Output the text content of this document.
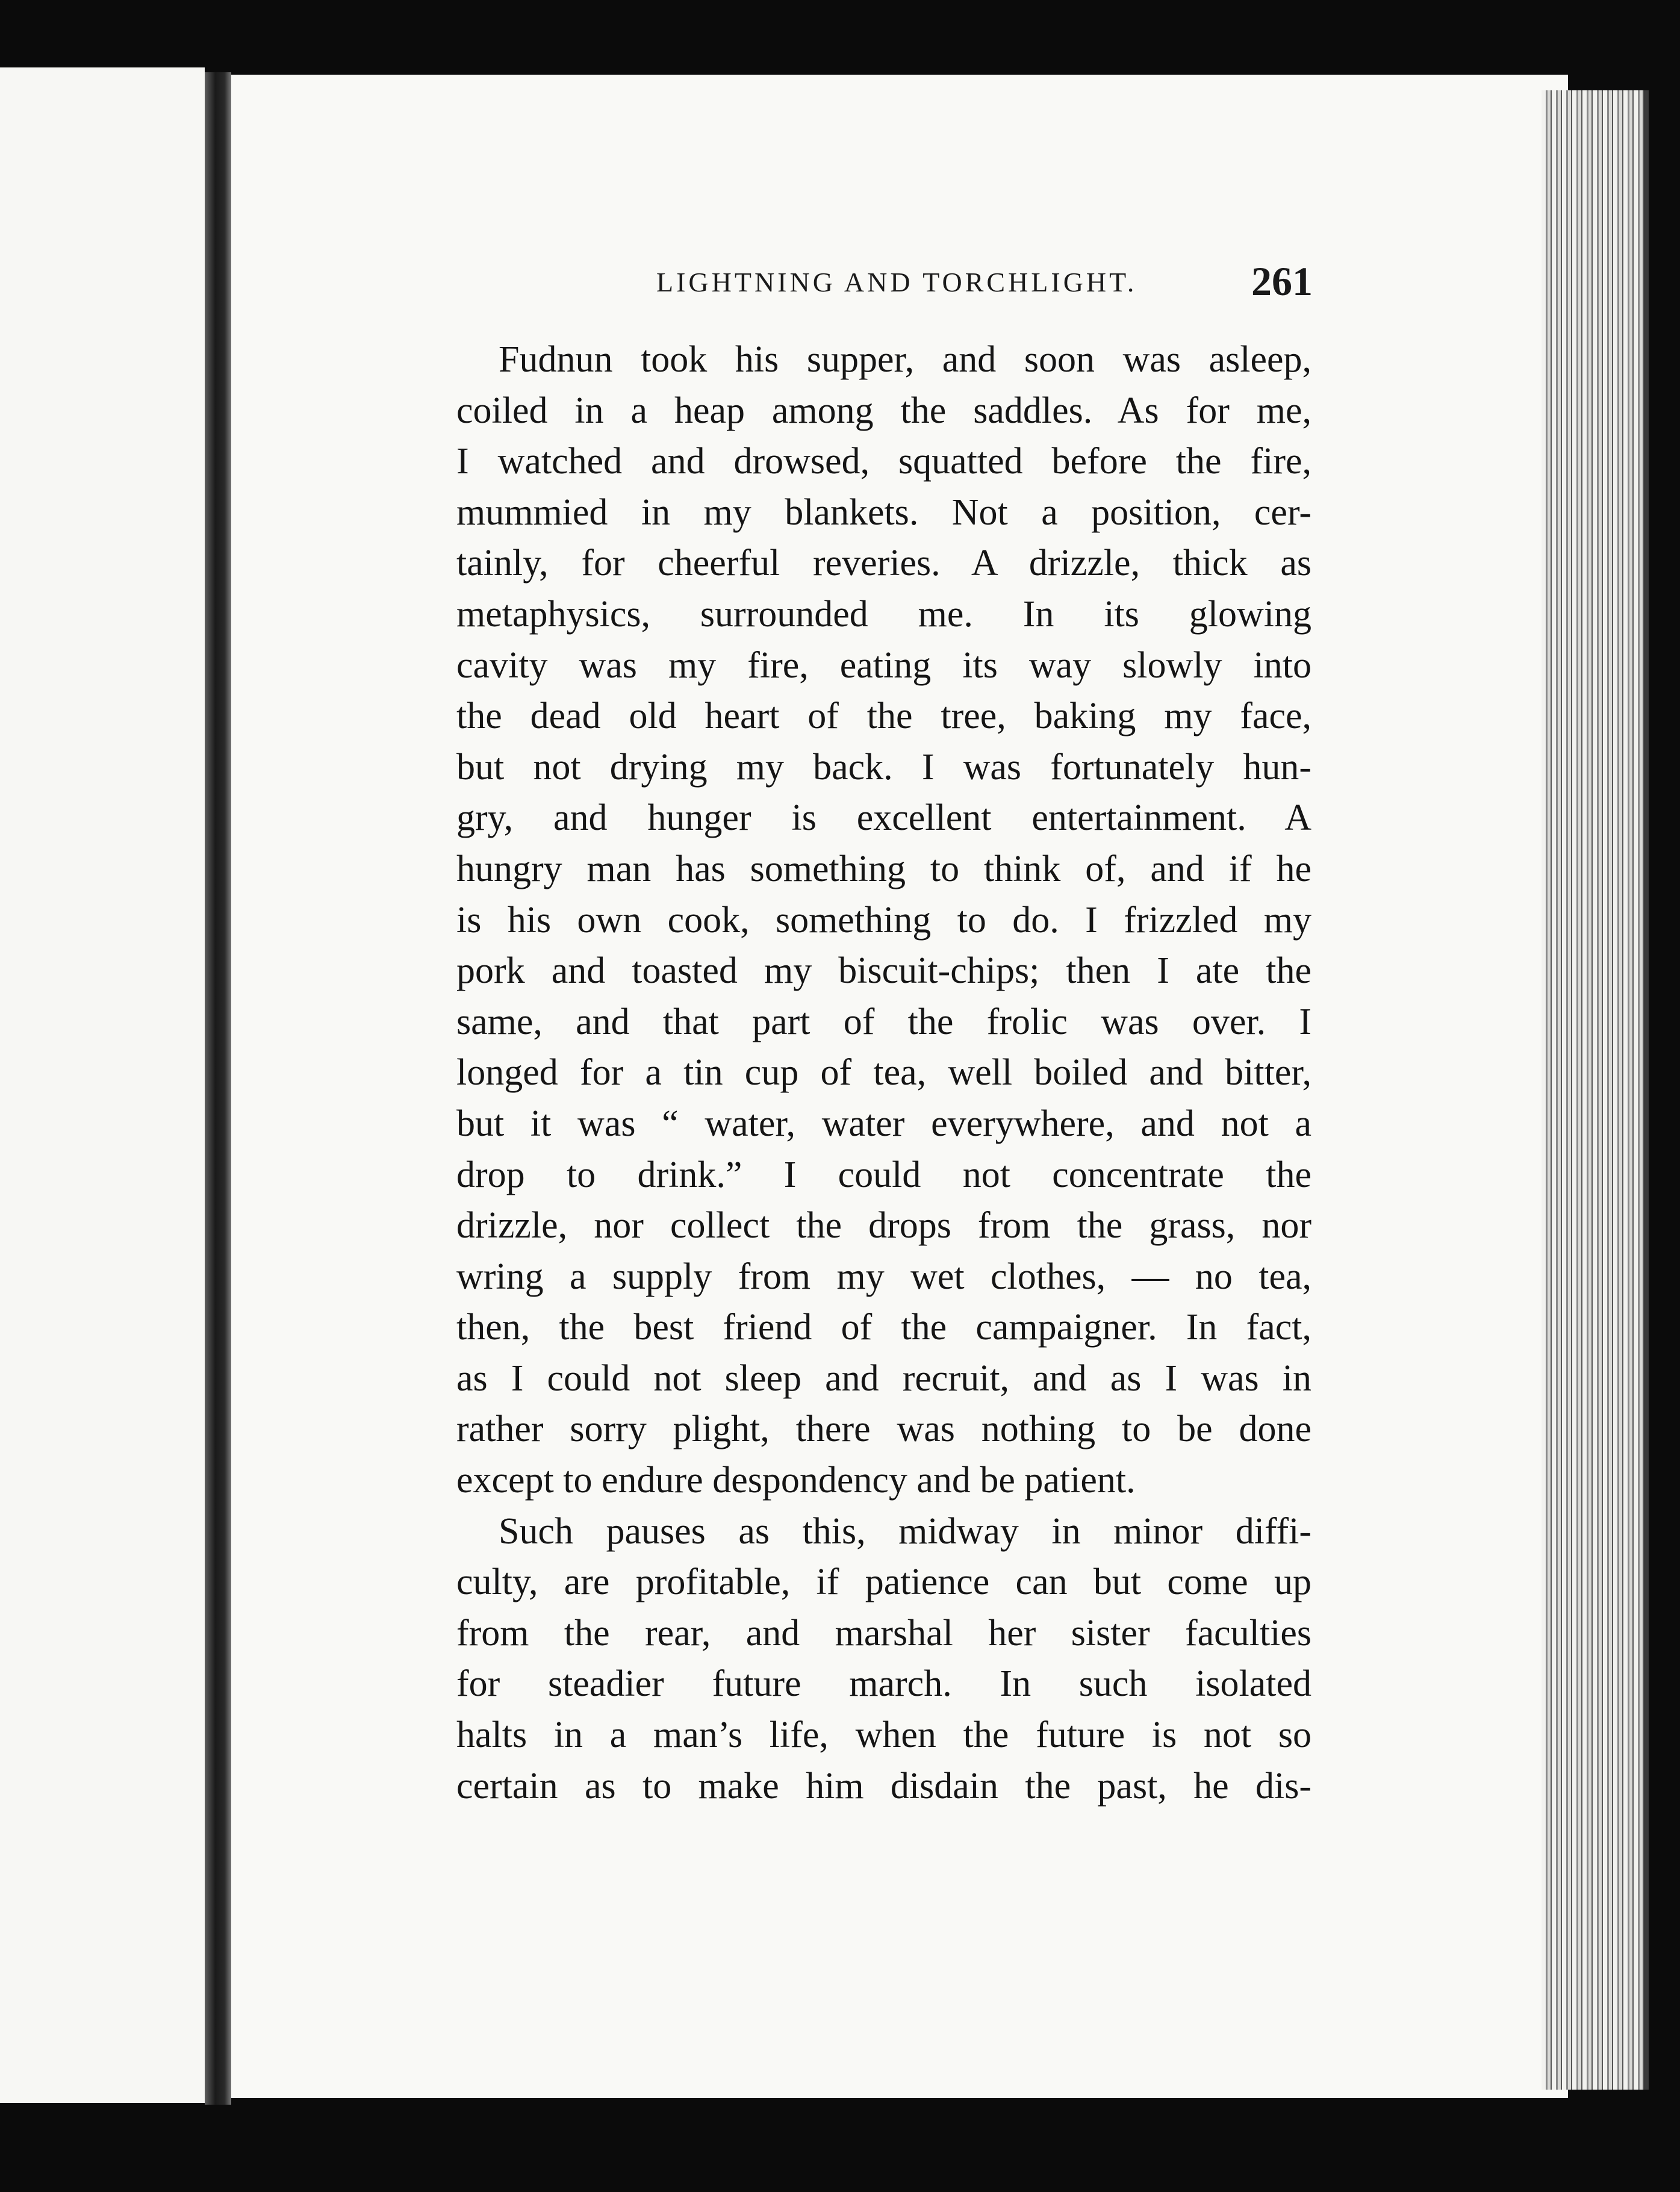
LIGHTNING AND TORCHLIGHT.	261
Fudnun took his supper, and soon was asleep,
coiled in a heap among the saddles. As for me,
I watched and drowsed, squatted before the fire,
mummied in my blankets. Not a position, cer-
tainly, for cheerful reveries. A drizzle, thick as
metaphysics, surrounded me. In its glowing
cavity was my fire, eating its way slowly into
the dead old heart of the tree, baking my face,
but not drying my back. I was fortunately hun-
gry, and hunger is excellent entertainment. A
hungry man has something to think of, and if he
is his own cook, something to do. I frizzled my
pork and toasted my biscuit-chips; then I ate the
same, and that part of the frolic was over. I
longed for a tin cup of tea, well boiled and bitter,
but it was “ water, water everywhere, and not a
drop to drink.” I could not concentrate the
drizzle, nor collect the drops from the grass, nor
wring a supply from my wet clothes, — no tea,
then, the best friend of the campaigner. In fact,
as I could not sleep and recruit, and as I was in
rather sorry plight, there was nothing to be done
except to endure despondency and be patient.
Such pauses as this, midway in minor diffi-
culty, are profitable, if patience can but come up
from the rear, and marshal her sister faculties
for steadier future march. In such isolated
halts in a man’s life, when the future is not so
certain as to make him disdain the past, he dis-
